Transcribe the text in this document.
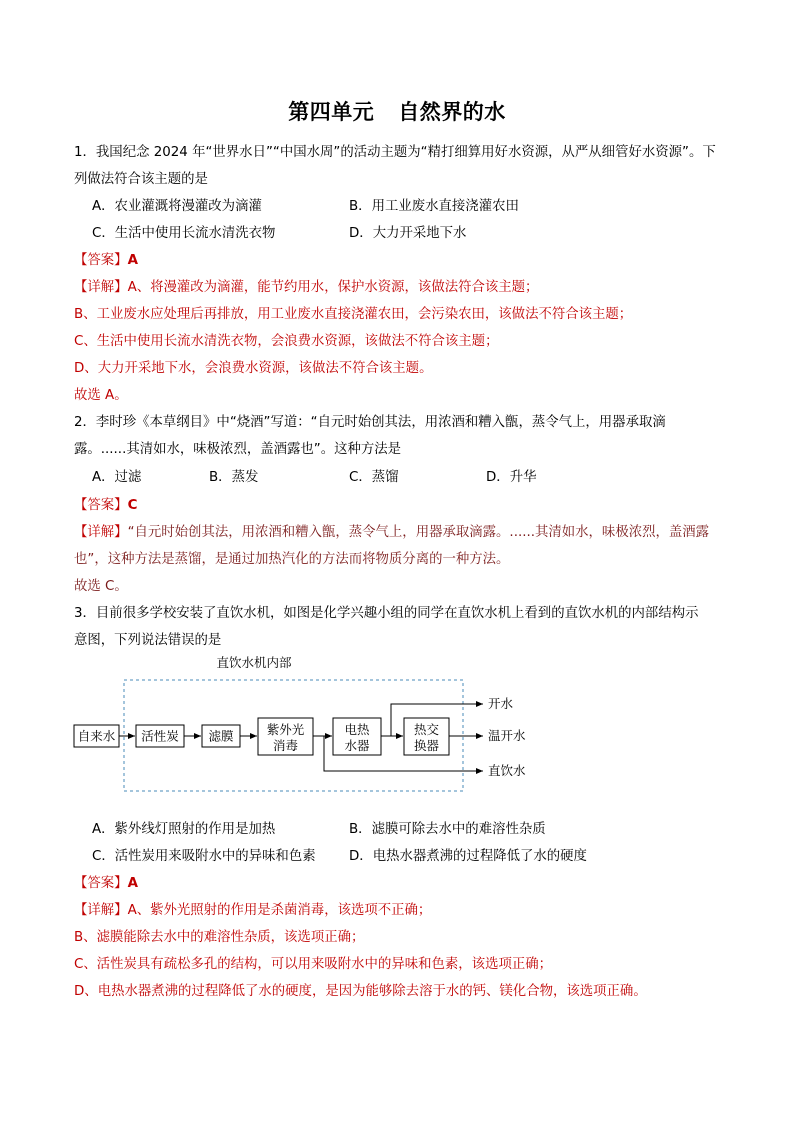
第四单元 自然界的水
1．我国纪念 2024 年“世界水日”“中国水周”的活动主题为“精打细算用好水资源，从严从细管好水资源”。下
列做法符合该主题的是
A．农业灌溉将漫灌改为滴灌	B．用工业废水直接浇灌农田
C．生活中使用长流水清洗衣物	D．大力开采地下水
【答案】A
【详解】A、将漫灌改为滴灌，能节约用水，保护水资源，该做法符合该主题；
B、工业废水应处理后再排放，用工业废水直接浇灌农田，会污染农田，该做法不符合该主题；
C、生活中使用长流水清洗衣物，会浪费水资源，该做法不符合该主题；
D、大力开采地下水，会浪费水资源，该做法不符合该主题。
故选 A。
2．李时珍《本草纲目》中“烧酒”写道：“自元时始创其法，用浓酒和糟入甑，蒸令气上，用器承取滴
露。......其清如水，味极浓烈，盖酒露也”。这种方法是
A．过滤	B．蒸发	C．蒸馏	D．升华
【答案】C
【详解】“自元时始创其法，用浓酒和糟入甑，蒸令气上，用器承取滴露。......其清如水，味极浓烈，盖酒露
也”，这种方法是蒸馏，是通过加热汽化的方法而将物质分离的一种方法。
故选 C。
3．目前很多学校安装了直饮水机，如图是化学兴趣小组的同学在直饮水机上看到的直饮水机的内部结构示
意图，下列说法错误的是
直饮水机内部
自来水 活性炭 滤膜	紫外光
消毒
电热
水器
热交
换器
开水
温开水
直饮水
A．紫外线灯照射的作用是加热	B．滤膜可除去水中的难溶性杂质
C．活性炭用来吸附水中的异味和色素 D．电热水器煮沸的过程降低了水的硬度
【答案】A
【详解】A、紫外光照射的作用是杀菌消毒，该选项不正确；
B、滤膜能除去水中的难溶性杂质，该选项正确；
C、活性炭具有疏松多孔的结构，可以用来吸附水中的异味和色素，该选项正确；
D、电热水器煮沸的过程降低了水的硬度，是因为能够除去溶于水的钙、镁化合物，该选项正确。
